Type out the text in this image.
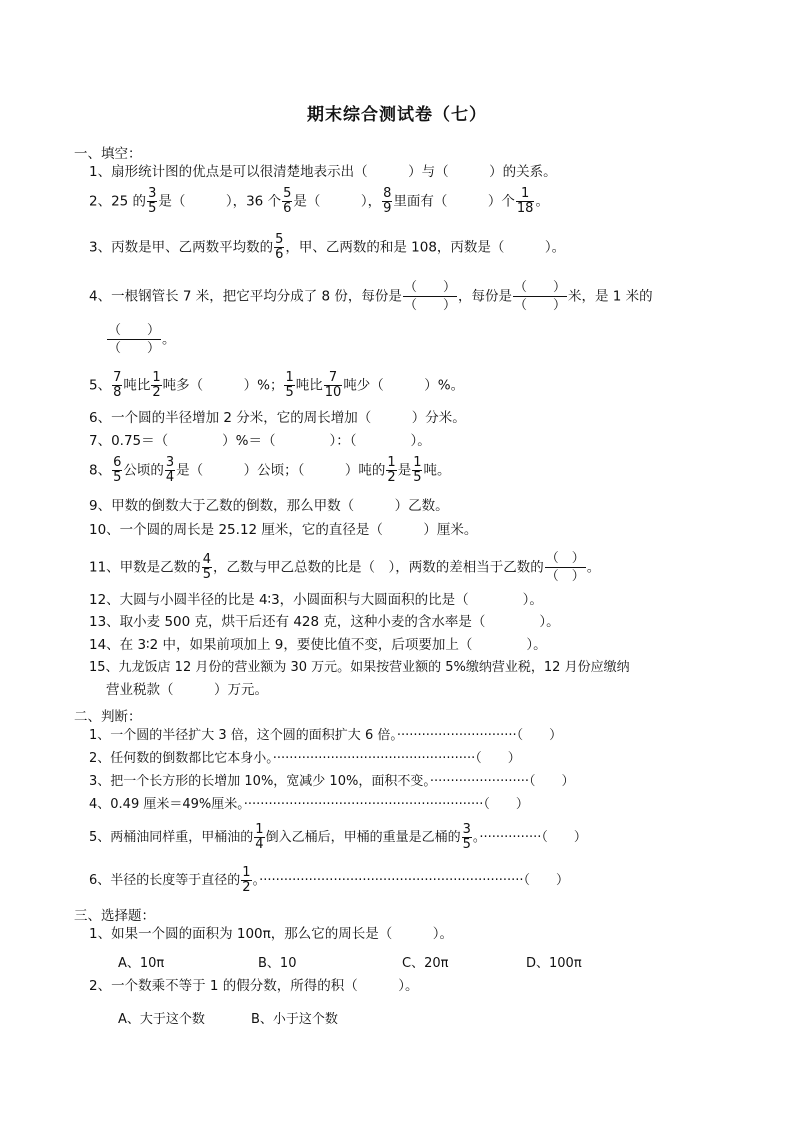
期末综合测试卷（七）
一、填空：
1、扇形统计图的优点是可以很清楚地表示出（　　　）与（　　　）的关系。
2、25 的 $\frac{3}{5}$ 是（　　　），36 个 $\frac{5}{6}$ 是（　　　）， $\frac{8}{9}$ 里面有（　　　）个 $\frac{1}{18}$ 。
3、丙数是甲、乙两数平均数的 $\frac{5}{6}$ ，甲、乙两数的和是 108，丙数是（　　　）。
4、一根钢管长 7 米，把它平均分成了 8 份，每份是 $\frac{( )}{( )}$ ，每份是 $\frac{( )}{( )}$ 米，是 1 米的
$\frac{( )}{( )}$ 。
5、 $\frac{7}{8}$ 吨比 $\frac{1}{2}$ 吨多（　　　）%； $\frac{1}{5}$ 吨比 $\frac{7}{10}$ 吨少（　　　）%。
6、一个圆的半径增加 2 分米，它的周长增加（　　　）分米。
7、0.75＝（　　　　）%＝（　　　　）：（　　　　）。
8、 $\frac{6}{5}$ 公顷的 $\frac{3}{4}$ 是（　　　）公顷；（　　　）吨的 $\frac{1}{2}$ 是 $\frac{1}{5}$ 吨。
9、甲数的倒数大于乙数的倒数，那么甲数（　　　）乙数。
10、一个圆的周长是 25.12 厘米，它的直径是（　　　）厘米。
11、甲数是乙数的 $\frac{4}{5}$ ，乙数与甲乙总数的比是（　），两数的差相当于乙数的 $\frac{( )}{( )}$ 。
12、大圆与小圆半径的比是 4∶3，小圆面积与大圆面积的比是（　　　　）。
13、取小麦 500 克，烘干后还有 428 克，这种小麦的含水率是（　　　　）。
14、在 3∶2 中，如果前项加上 9，要使比值不变，后项要加上（　　　　）。
15、九龙饭店 12 月份的营业额为 30 万元。如果按营业额的 5%缴纳营业税，12 月份应缴纳
营业税款（　　　）万元。
二、判断：
1、一个圆的半径扩大 3 倍，这个圆的面积扩大 6 倍。·····························（　　）
2、任何数的倒数都比它本身小。·················································（　　）
3、把一个长方形的长增加 10%，宽减少 10%，面积不变。························（　　）
4、0.49 厘米＝49%厘米。··························································（　　）
5、两桶油同样重，甲桶油的 $\frac{1}{4}$ 倒入乙桶后，甲桶的重量是乙桶的 $\frac{3}{5}$ 。···············（　　）
6、半径的长度等于直径的 $\frac{1}{2}$ 。································································（　　）
三、选择题：
1、如果一个圆的面积为 100π，那么它的周长是（　　　）。
A、10π	B、10	C、20π	D、100π
2、一个数乘不等于 1 的假分数，所得的积（　　　）。
A、大于这个数	B、小于这个数
